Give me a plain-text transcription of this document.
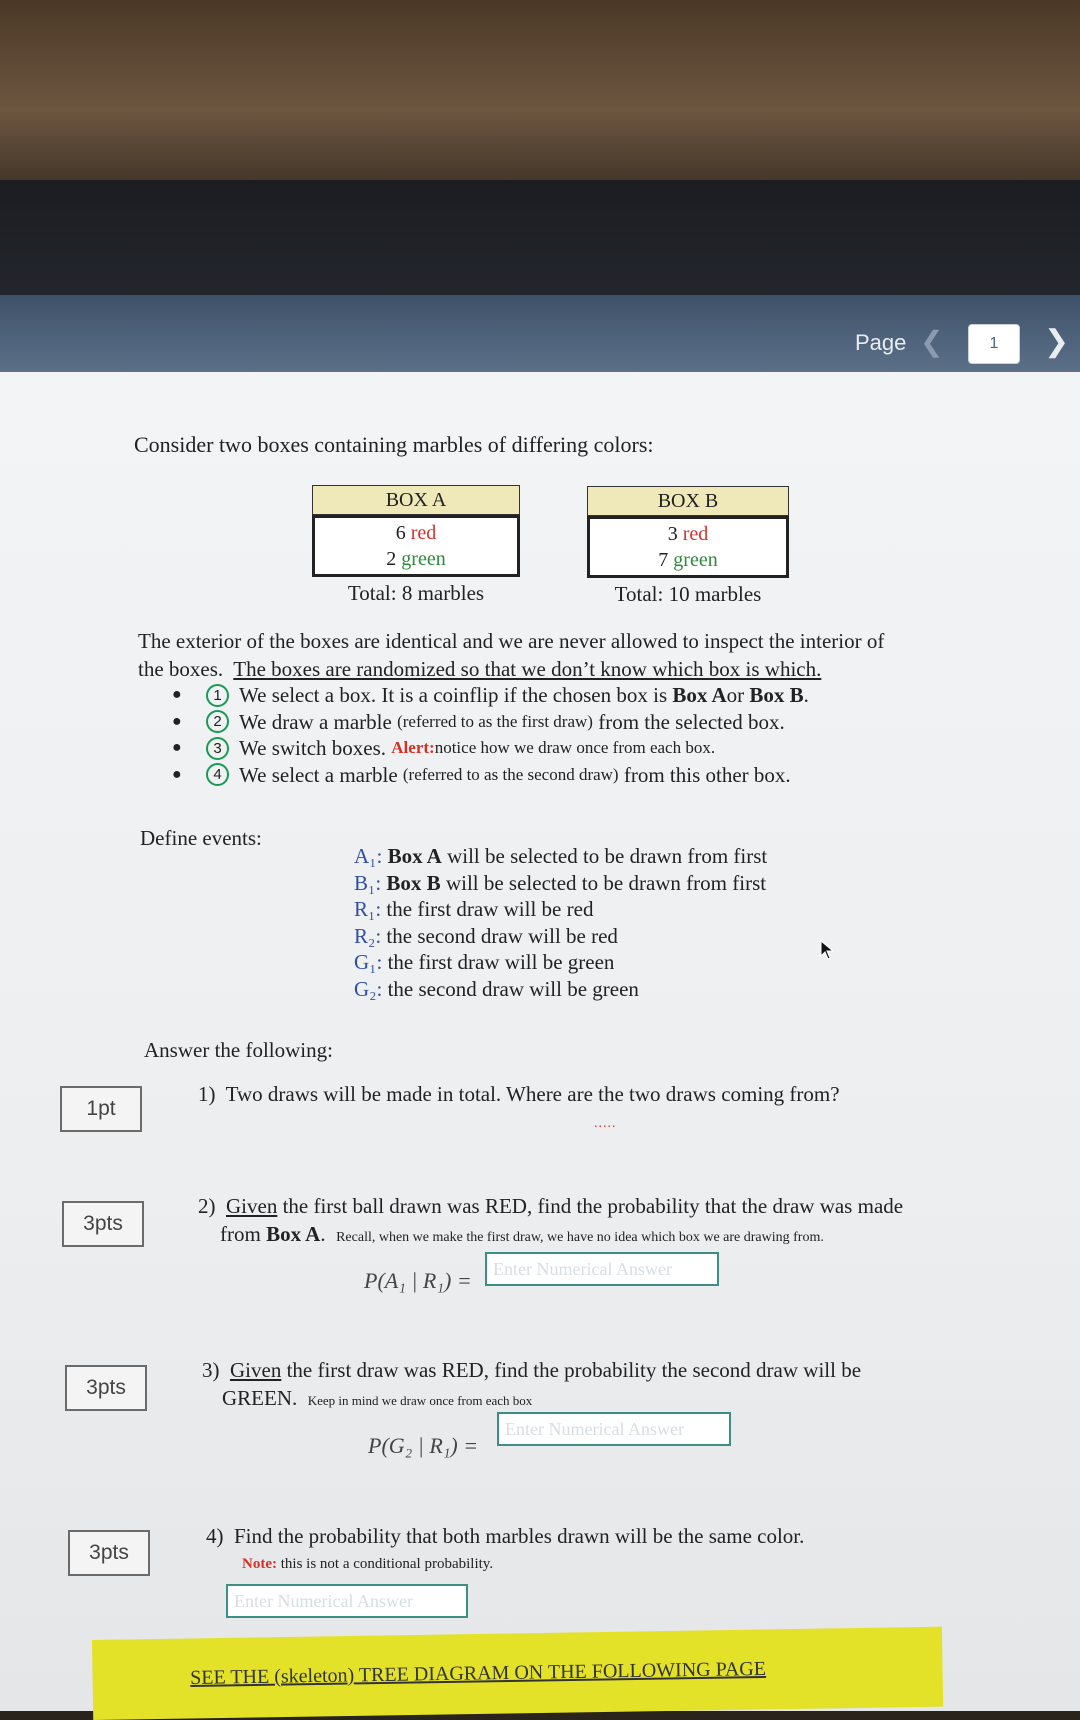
Page ❮
1	❯
Consider two boxes containing marbles of differing colors:
BOX A
6 red
2 green
Total: 8 marbles
BOX B
3 red
7 green
Total: 10 marbles
The exterior of the boxes are identical and we are never allowed to inspect the interior of
the boxes. The boxes are randomized so that we don’t know which box is which.
●	1 We select a box. It is a coinflip if the chosen box is
Box A or
Box B .
●	2 We draw a marble
(referred to as the first draw)
from the selected box.
●	3 We switch boxes.
Alert: notice how we draw once from each box.
●	4 We select a marble
(referred to as the second draw)
from this other box.
Define events:
A₁: Box A will be selected to be drawn from first
B₁: Box B will be selected to be drawn from first
R₁: the first draw will be red
R₂: the second draw will be red
G₁: the first draw will be green
G₂: the second draw will be green
Answer the following:
1pt
1) Two draws will be made in total. Where are the two draws coming from?
.....
3pts
2) Given the first ball drawn was RED, find the probability that the draw was made
from Box A. Recall, when we make the first draw, we have no idea which box we are drawing from.
P(A₁ | R₁) =	Enter Numerical Answer
3pts
3) Given the first draw was RED, find the probability the second draw will be
GREEN. Keep in mind we draw once from each box
P(G₂ | R₁) =
Enter Numerical Answer
3pts
4) Find the probability that both marbles drawn will be the same color.
Note: this is not a conditional probability.
Enter Numerical Answer
SEE THE (skeleton) TREE DIAGRAM ON THE FOLLOWING PAGE
